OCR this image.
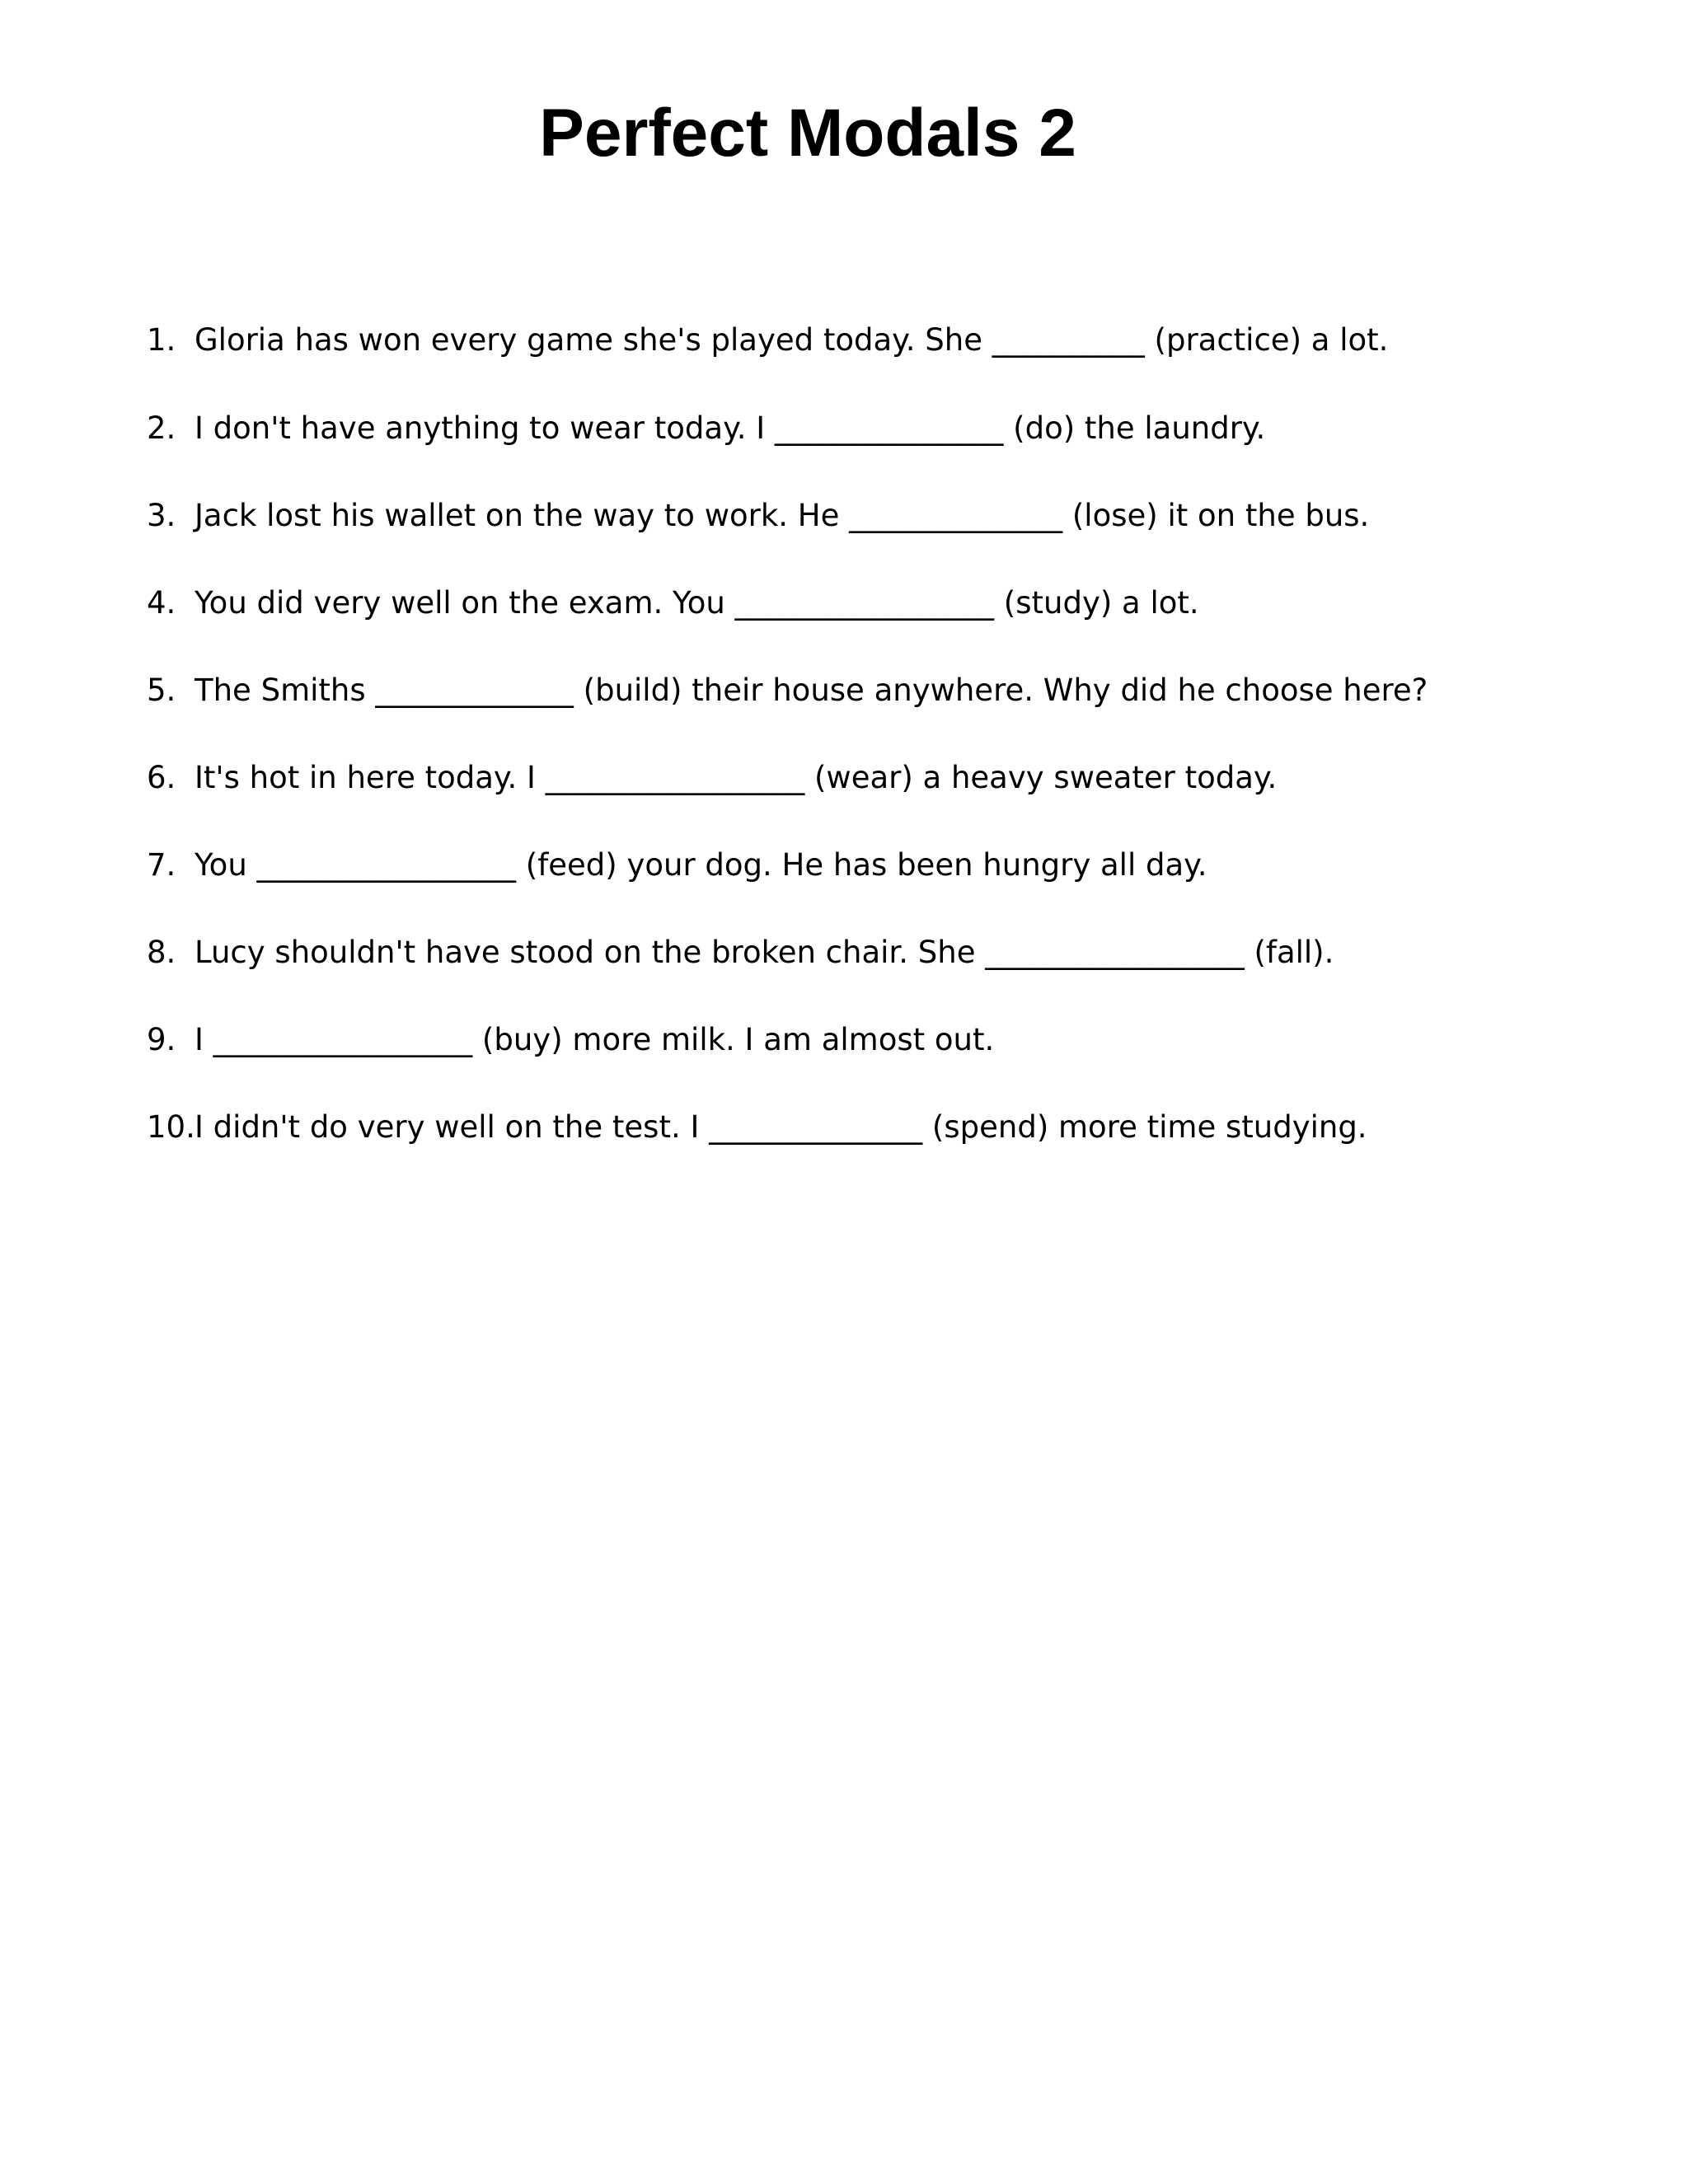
Perfect Modals 2
1. Gloria has won every game she's played today. She __________ (practice) a lot.
2. I don't have anything to wear today. I _______________ (do) the laundry.
3. Jack lost his wallet on the way to work. He ______________ (lose) it on the bus.
4. You did very well on the exam. You _________________ (study) a lot.
5. The Smiths _____________ (build) their house anywhere. Why did he choose here?
6. It's hot in here today. I _________________ (wear) a heavy sweater today.
7. You _________________ (feed) your dog. He has been hungry all day.
8. Lucy shouldn't have stood on the broken chair. She _________________ (fall).
9. I _________________ (buy) more milk. I am almost out.
10.I didn't do very well on the test. I ______________ (spend) more time studying.
